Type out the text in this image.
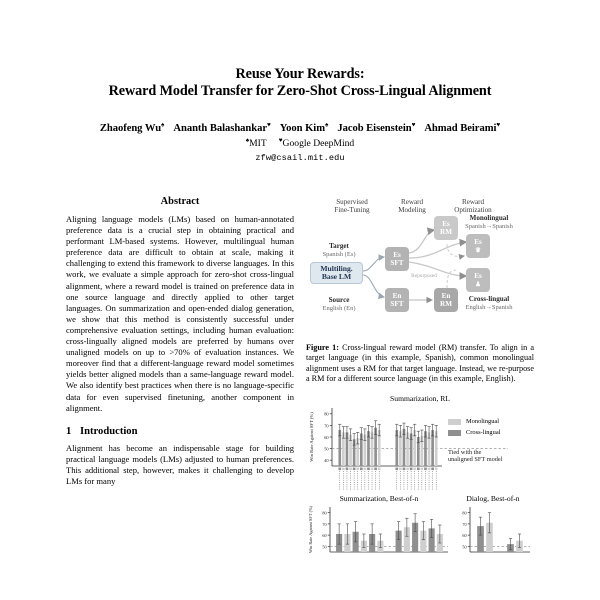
Reuse Your Rewards:
Reward Model Transfer for Zero-Shot Cross-Lingual Alignment
Zhaofeng Wu♠ Ananth Balashankar♥ Yoon Kim♠ Jacob Eisenstein♥ Ahmad Beirami♥
♠MIT ♥Google DeepMind
zfw@csail.mit.edu
Abstract

Aligning language models (LMs) based on human-annotated preference data is a crucial step in obtaining practical and performant LM-based systems. However, multilingual human preference data are difficult to obtain at scale, making it challenging to extend this framework to diverse languages. In this work, we evaluate a simple approach for zero-shot cross-lingual alignment, where a reward model is trained on preference data in one source language and directly applied to other target languages. On summarization and open-ended dialog generation, we show that this method is consistently successful under comprehensive evaluation settings, including human evaluation: cross-lingually aligned models are preferred by humans over unaligned models on up to >70% of evaluation instances. We moreover find that a different-language reward model sometimes yields better aligned models than a same-language reward model. We also identify best practices when there is no language-specific data for even supervised finetuning, another component in alignment.

1 Introduction

Alignment has become an indispensable stage for building practical language models (LMs) adjusted to human preferences. This additional step, however, makes it challenging to develop LMs for many

Supervised
Fine-Tuning
Reward
Modeling
Reward
Optimization
Multiling.
Base LM
Target
Spanish (Es)
Source
English (En)
Es
SFT
En
SFT
Es
RM
En
RM
Repurposed
Es
♛
Es
♟
Monolingual
Spanish→Spanish
Cross-lingual
English→Spanish
Figure 1: Cross-lingual reward model (RM) transfer. To align in a target language (in this example, Spanish), common monolingual alignment uses a RM for that target language. Instead, we re-purpose a RM for a different source language (in this example, English).
Summarization, RL
40
50
60
70
80
Win Rate Against SFT (%)	Monolingual
Cross-lingual
Tied with the
unaligned SFT model
Summarization, Best-of-n
50
60
70
80
Win Rate Against SFT (%)
Dialog, Best-of-n
50
60
70
80
